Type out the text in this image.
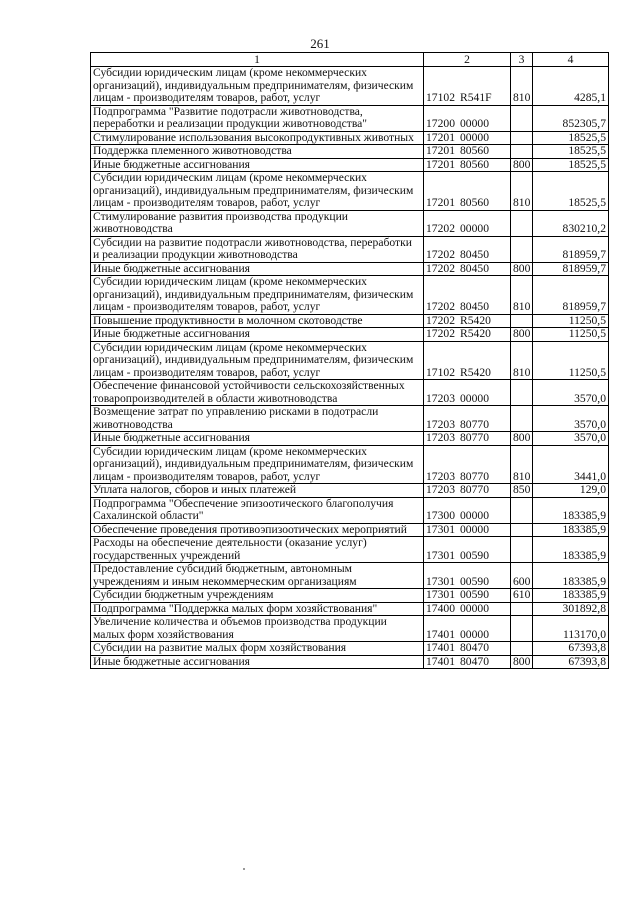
261
1	2	3	4
Субсидии юридическим лицам (кроме некоммерческих организаций), индивидуальным предпринимателям, физическим лицам - производителям товаров, работ, услуг	17102 R541F	810	4285,1
Подпрограмма "Развитие подотрасли животноводства, переработки и реализации продукции животноводства"	17200 00000		852305,7
Стимулирование использования высокопродуктивных животных	17201 00000		18525,5
Поддержка племенного животноводства	17201 80560		18525,5
Иные бюджетные ассигнования	17201 80560	800	18525,5
Субсидии юридическим лицам (кроме некоммерческих организаций), индивидуальным предпринимателям, физическим лицам - производителям товаров, работ, услуг	17201 80560	810	18525,5
Стимулирование развития производства продукции животноводства	17202 00000		830210,2
Субсидии на развитие подотрасли животноводства, переработки и реализации продукции животноводства	17202 80450		818959,7
Иные бюджетные ассигнования	17202 80450	800	818959,7
Субсидии юридическим лицам (кроме некоммерческих организаций), индивидуальным предпринимателям, физическим лицам - производителям товаров, работ, услуг	17202 80450	810	818959,7
Повышение продуктивности в молочном скотоводстве	17202 R5420		11250,5
Иные бюджетные ассигнования	17202 R5420	800	11250,5
Субсидии юридическим лицам (кроме некоммерческих организаций), индивидуальным предпринимателям, физическим лицам - производителям товаров, работ, услуг	17102 R5420	810	11250,5
Обеспечение финансовой устойчивости сельскохозяйственных товаропроизводителей в области животноводства	17203 00000		3570,0
Возмещение затрат по управлению рисками в подотрасли животноводства	17203 80770		3570,0
Иные бюджетные ассигнования	17203 80770	800	3570,0
Субсидии юридическим лицам (кроме некоммерческих организаций), индивидуальным предпринимателям, физическим лицам - производителям товаров, работ, услуг	17203 80770	810	3441,0
Уплата налогов, сборов и иных платежей	17203 80770	850	129,0
Подпрограмма "Обеспечение эпизоотического благополучия Сахалинской области"	17300 00000		183385,9
Обеспечение проведения противоэпизоотических мероприятий	17301 00000		183385,9
Расходы на обеспечение деятельности (оказание услуг) государственных учреждений	17301 00590		183385,9
Предоставление субсидий бюджетным, автономным учреждениям и иным некоммерческим организациям	17301 00590	600	183385,9
Субсидии бюджетным учреждениям	17301 00590	610	183385,9
Подпрограмма "Поддержка малых форм хозяйствования"	17400 00000		301892,8
Увеличение количества и объемов производства продукции малых форм хозяйствования	17401 00000		113170,0
Субсидии на развитие малых форм хозяйствования	17401 80470		67393,8
Иные бюджетные ассигнования	17401 80470	800	67393,8
